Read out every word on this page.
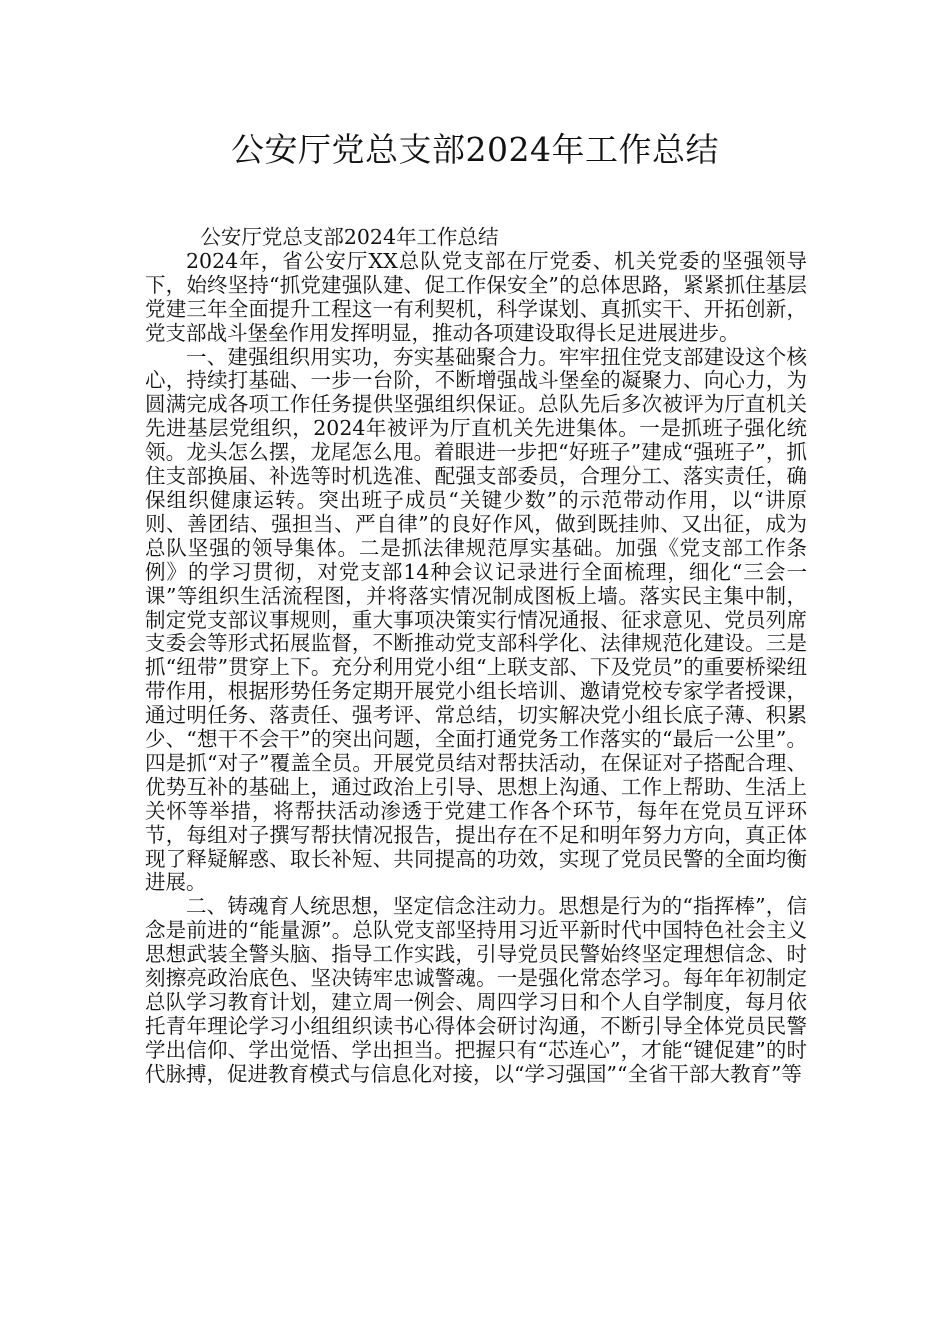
公安厅党总支部2024年工作总结

公安厅党总支部2024年工作总结

2024年，省公安厅XX总队党支部在厅党委、机关党委的坚强领导下，始终坚持“抓党建强队建、促工作保安全”的总体思路，紧紧抓住基层党建三年全面提升工程这一有利契机，科学谋划、真抓实干、开拓创新，党支部战斗堡垒作用发挥明显，推动各项建设取得长足进展进步。

一、建强组织用实功，夯实基础聚合力。牢牢扭住党支部建设这个核心，持续打基础、一步一台阶，不断增强战斗堡垒的凝聚力、向心力，为圆满完成各项工作任务提供坚强组织保证。总队先后多次被评为厅直机关先进基层党组织，2024年被评为厅直机关先进集体。一是抓班子强化统领。龙头怎么摆，龙尾怎么甩。着眼进一步把“好班子”建成“强班子”，抓住支部换届、补选等时机选准、配强支部委员，合理分工、落实责任，确保组织健康运转。突出班子成员“关键少数”的示范带动作用，以“讲原则、善团结、强担当、严自律”的良好作风，做到既挂帅、又出征，成为总队坚强的领导集体。二是抓法律规范厚实基础。加强《党支部工作条例》的学习贯彻，对党支部14种会议记录进行全面梳理，细化“三会一课”等组织生活流程图，并将落实情况制成图板上墙。落实民主集中制，制定党支部议事规则，重大事项决策实行情况通报、征求意见、党员列席支委会等形式拓展监督，不断推动党支部科学化、法律规范化建设。三是抓“纽带”贯穿上下。充分利用党小组“上联支部、下及党员”的重要桥梁纽带作用，根据形势任务定期开展党小组长培训、邀请党校专家学者授课，通过明任务、落责任、强考评、常总结，切实解决党小组长底子薄、积累少、“想干不会干”的突出问题，全面打通党务工作落实的“最后一公里”。四是抓“对子”覆盖全员。开展党员结对帮扶活动，在保证对子搭配合理、优势互补的基础上，通过政治上引导、思想上沟通、工作上帮助、生活上关怀等举措，将帮扶活动渗透于党建工作各个环节，每年在党员互评环节，每组对子撰写帮扶情况报告，提出存在不足和明年努力方向，真正体现了释疑解惑、取长补短、共同提高的功效，实现了党员民警的全面均衡进展。

二、铸魂育人统思想，坚定信念注动力。思想是行为的“指挥棒”，信念是前进的“能量源”。总队党支部坚持用习近平新时代中国特色社会主义思想武装全警头脑、指导工作实践，引导党员民警始终坚定理想信念、时刻擦亮政治底色、坚决铸牢忠诚警魂。一是强化常态学习。每年年初制定总队学习教育计划，建立周一例会、周四学习日和个人自学制度，每月依托青年理论学习小组组织读书心得体会研讨沟通，不断引导全体党员民警学出信仰、学出觉悟、学出担当。把握只有“芯连心”，才能“键促建”的时代脉搏，促进教育模式与信息化对接，以“学习强国”“全省干部大教育”等
